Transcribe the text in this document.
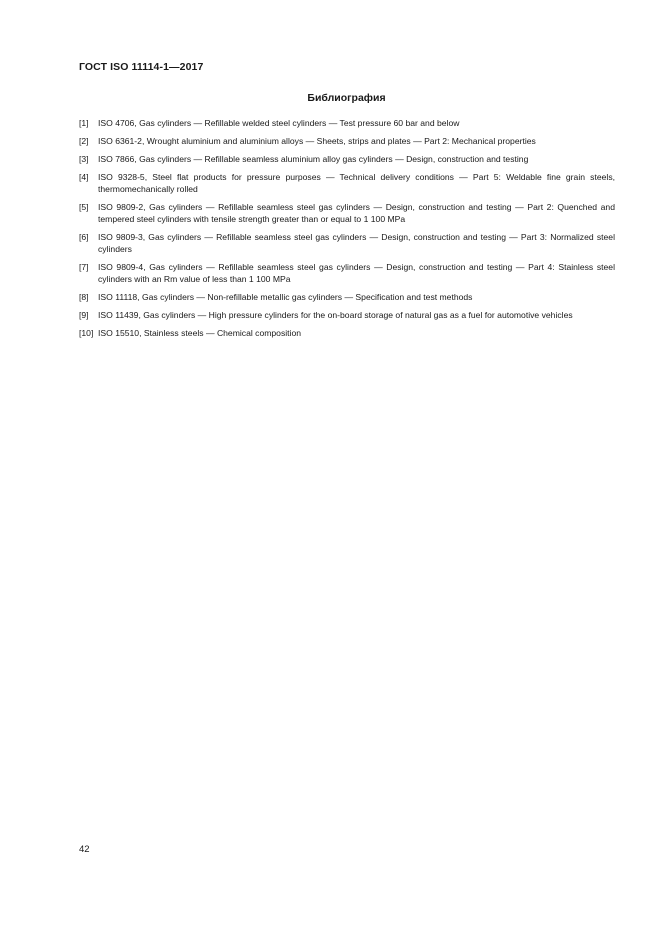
ГОСТ ISO 11114-1—2017
Библиография
[1]	ISO 4706, Gas cylinders — Refillable welded steel cylinders — Test pressure 60 bar and below
[2]	ISO 6361-2, Wrought aluminium and aluminium alloys — Sheets, strips and plates — Part 2: Mechanical properties
[3]	ISO 7866, Gas cylinders — Refillable seamless aluminium alloy gas cylinders — Design, construction and testing
[4]	ISO 9328-5, Steel flat products for pressure purposes — Technical delivery conditions — Part 5: Weldable fine grain steels, thermomechanically rolled
[5]	ISO 9809-2, Gas cylinders — Refillable seamless steel gas cylinders — Design, construction and testing — Part 2: Quenched and tempered steel cylinders with tensile strength greater than or equal to 1 100 MPa
[6]	ISO 9809-3, Gas cylinders — Refillable seamless steel gas cylinders — Design, construction and testing — Part 3: Normalized steel cylinders
[7]	ISO 9809-4, Gas cylinders — Refillable seamless steel gas cylinders — Design, construction and testing — Part 4: Stainless steel cylinders with an Rm value of less than 1 100 MPa
[8]	ISO 11118, Gas cylinders — Non-refillable metallic gas cylinders — Specification and test methods
[9]	ISO 11439, Gas cylinders — High pressure cylinders for the on-board storage of natural gas as a fuel for automotive vehicles
[10] ISO 15510, Stainless steels — Chemical composition
42
